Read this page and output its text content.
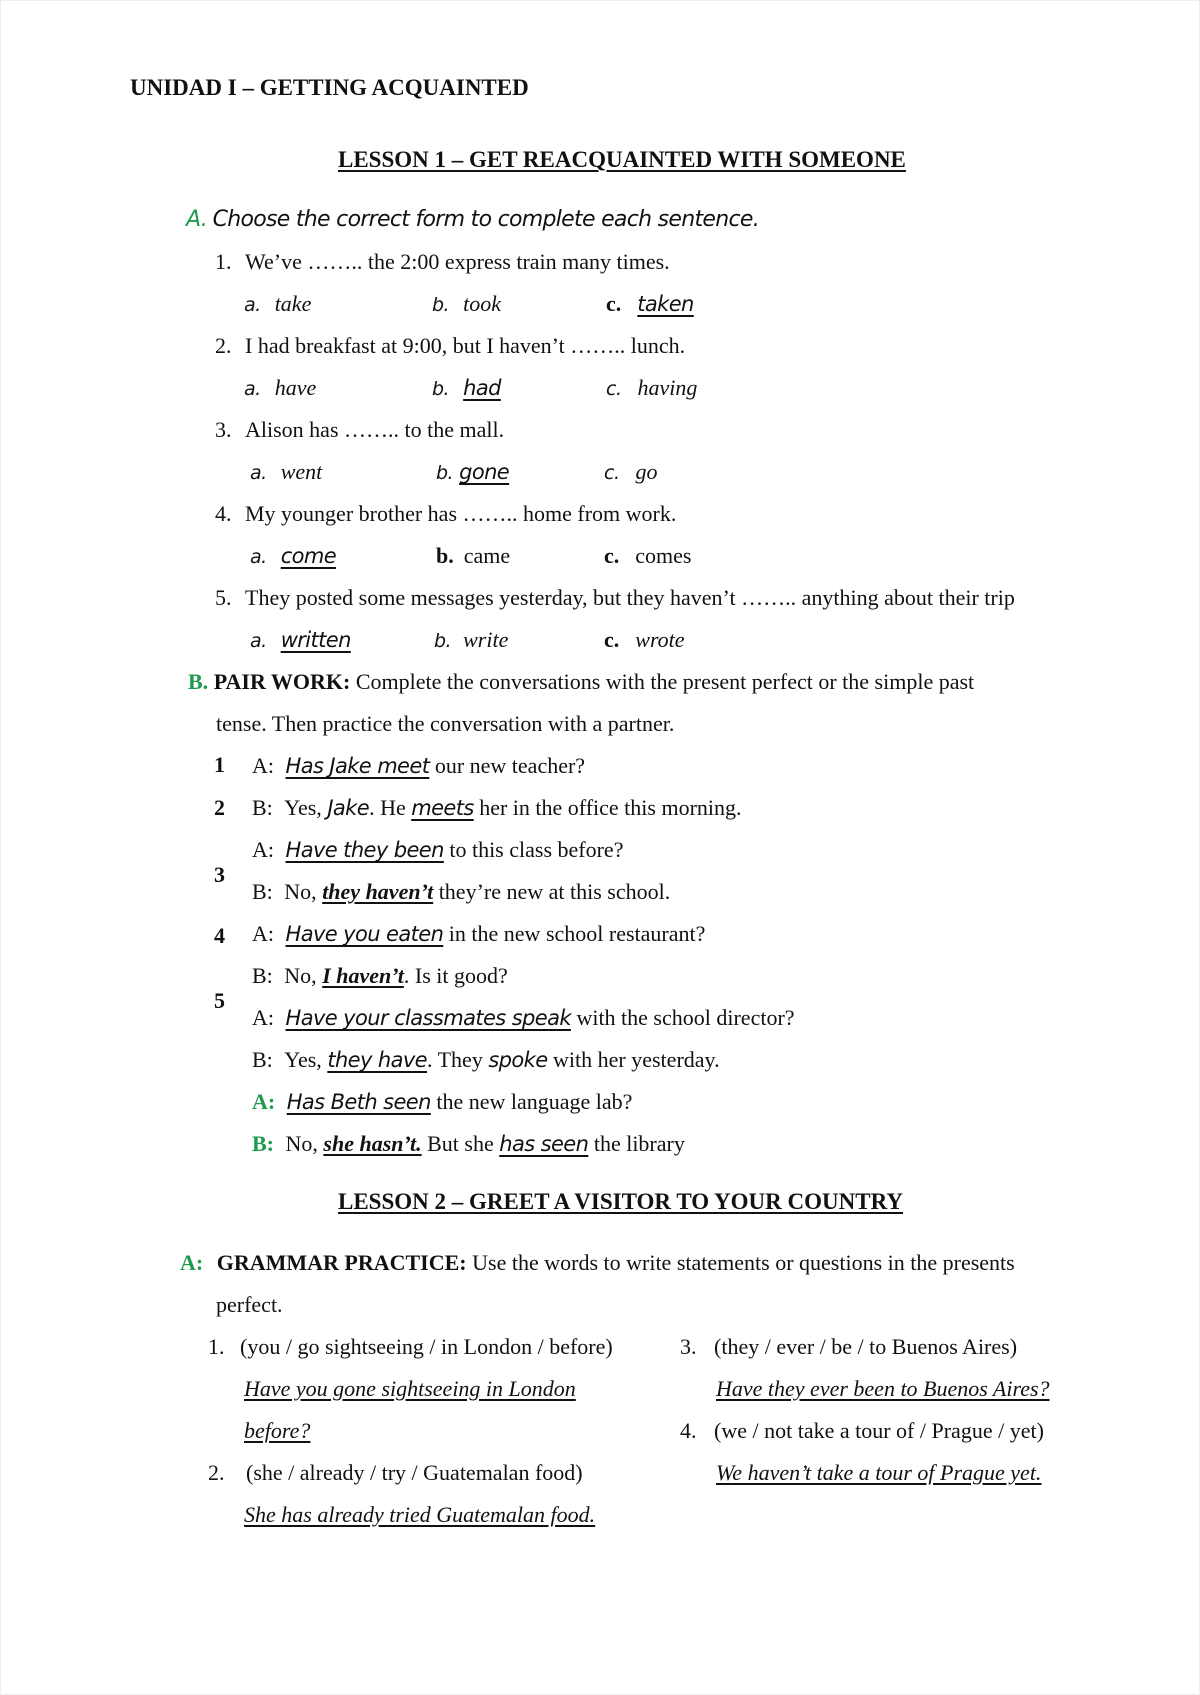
UNIDAD I – GETTING ACQUAINTED
LESSON 1 – GET REACQUAINTED WITH SOMEONE
A. Choose the correct form to complete each sentence.
1. We’ve …….. the 2:00 express train many times.
a. take	b. took	c. taken
2. I had breakfast at 9:00, but I haven’t …….. lunch.
a. have	b. had	c. having
3. Alison has …….. to the mall.
a. went	b. gone	c. go
4. My younger brother has …….. home from work.
a. come	b. came	c. comes
5. They posted some messages yesterday, but they haven’t …….. anything about their trip
a. written	b. write	c. wrote
B. PAIR WORK: Complete the conversations with the present perfect or the simple past
tense. Then practice the conversation with a partner.
1
2
3
4
5
A: Has Jake meet our new teacher?
B: Yes, Jake. He meets her in the office this morning.
A: Have they been to this class before?
B: No, they haven’t they’re new at this school.
A: Have you eaten in the new school restaurant?
B: No, I haven’t. Is it good?
A: Have your classmates speak with the school director?
B: Yes, they have. They spoke with her yesterday.
A: Has Beth seen the new language lab?
B: No, she hasn’t. But she has seen the library
LESSON 2 – GREET A VISITOR TO YOUR COUNTRY
A: GRAMMAR PRACTICE: Use the words to write statements or questions in the presents
perfect.
1. (you / go sightseeing / in London / before)
Have you gone sightseeing in London
before?
2. (she / already / try / Guatemalan food)
She has already tried Guatemalan food.
3. (they / ever / be / to Buenos Aires)
Have they ever been to Buenos Aires?
4. (we / not take a tour of / Prague / yet)
We haven’t take a tour of Prague yet.
